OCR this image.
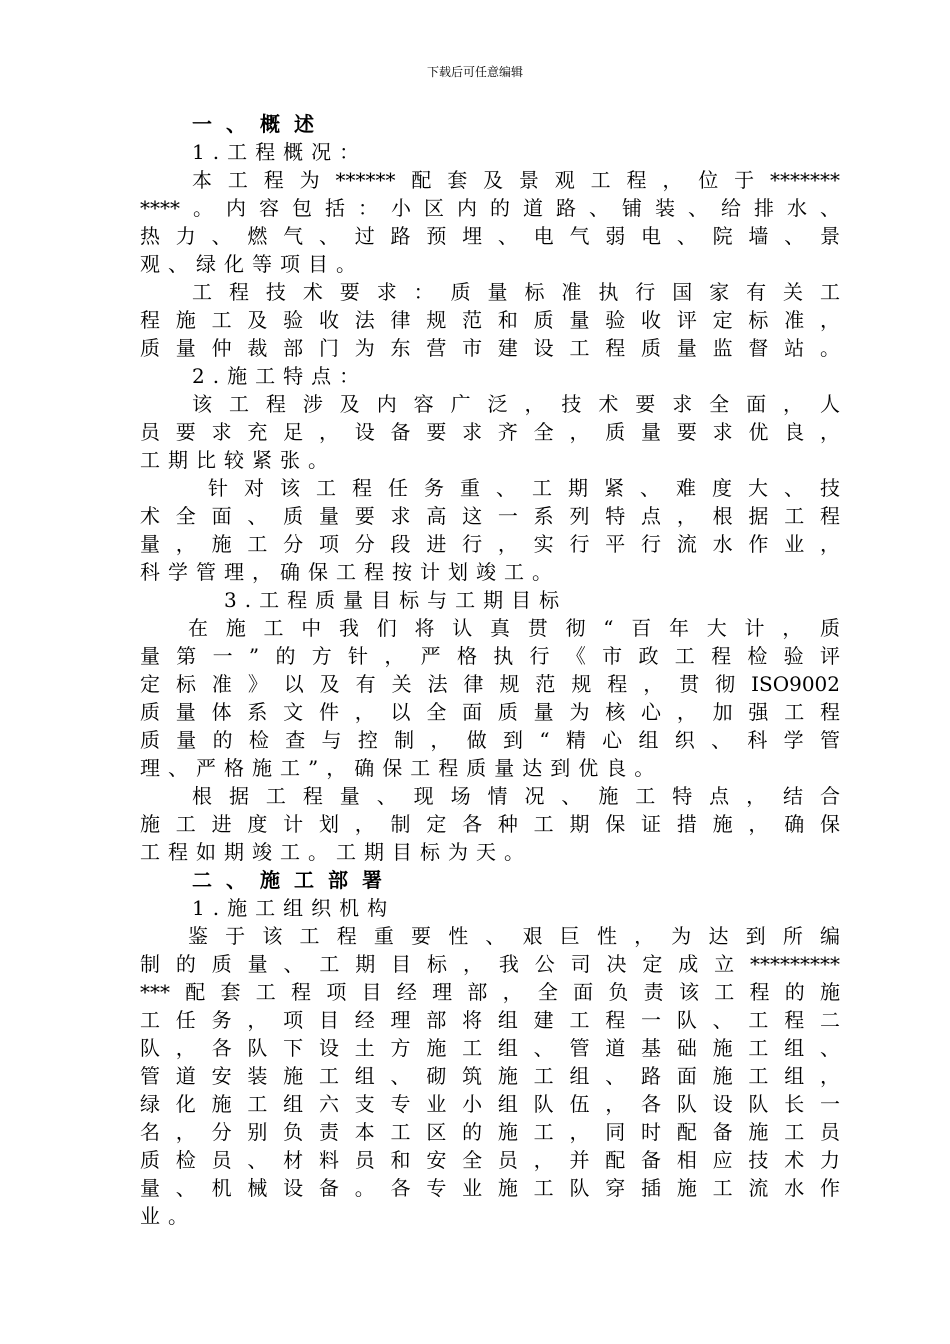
下载后可任意编辑
一、概述
1.工程概况：
本工程为******配套及景观工程，位于*******
****。内容包括：小区内的道路、铺装、给排水、
热力、燃气、过路预埋、电气弱电、院墙、景
观、绿化等项目。
工程技术要求：质量标准执行国家有关工
程施工及验收法律规范和质量验收评定标准，
质量仲裁部门为东营市建设工程质量监督站。
2.施工特点：
该工程涉及内容广泛，技术要求全面，人
员要求充足，设备要求齐全，质量要求优良，
工期比较紧张。
针对该工程任务重、工期紧、难度大、技
术全面、质量要求高这一系列特点，根据工程
量，施工分项分段进行，实行平行流水作业，
科学管理，确保工程按计划竣工。
3.工程质量目标与工期目标
在施工中我们将认真贯彻“百年大计，质
量第一”的方针，严格执行《市政工程检验评
定标准》以及有关法律规范规程，贯彻ISO9002
质量体系文件，以全面质量为核心，加强工程
质量的检查与控制，做到“精心组织、科学管
理、严格施工”，确保工程质量达到优良。
根据工程量、现场情况、施工特点，结合
施工进度计划，制定各种工期保证措施，确保
工程如期竣工。工期目标为天。
二、施工部署
1.施工组织机构
鉴于该工程重要性、艰巨性，为达到所编
制的质量、工期目标，我公司决定成立*********
***配套工程项目经理部，全面负责该工程的施
工任务，项目经理部将组建工程一队、工程二
队，各队下设土方施工组、管道基础施工组、
管道安装施工组、砌筑施工组、路面施工组，
绿化施工组六支专业小组队伍，各队设队长一
名，分别负责本工区的施工，同时配备施工员
质检员、材料员和安全员，并配备相应技术力
量、机械设备。各专业施工队穿插施工流水作
业。
